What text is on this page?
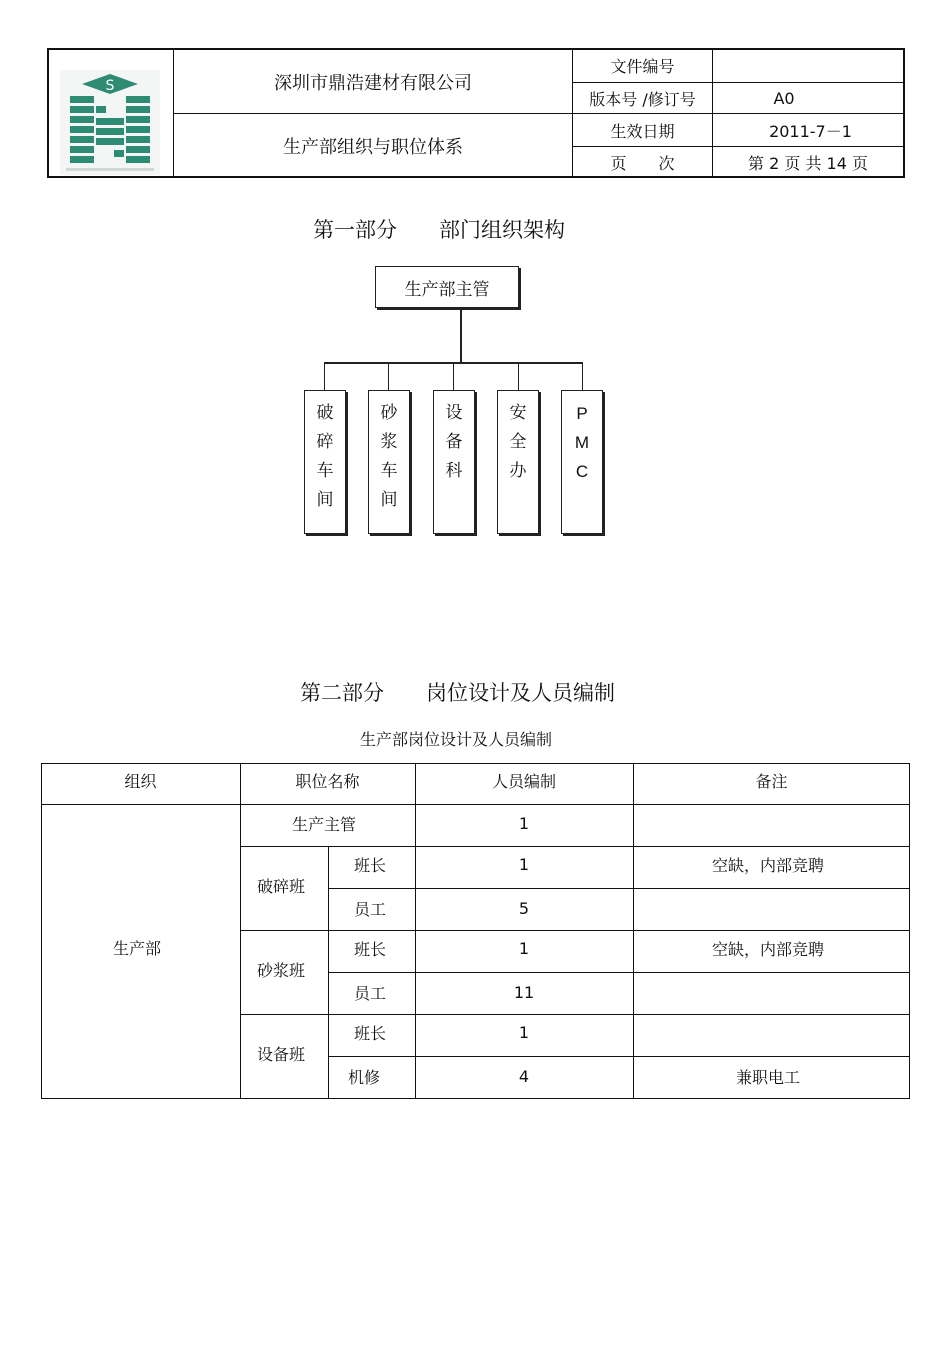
S	深圳市鼎浩建材有限公司
生产部组织与职位体系
文件编号
版本号 /修订号	A0
生效日期	2011-7－1
页　　次	第 2 页 共 14 页
第一部分　　部门组织架构
生产部主管
破
碎
车
间
砂
浆
车
间
设
备
科
安
全
办
P
M
C
第二部分　　岗位设计及人员编制
生产部岗位设计及人员编制
组织	职位名称	人员编制	备注
生产部
生产主管	1
破碎班
班长	1	空缺，内部竞聘
员工	5
砂浆班
班长	1	空缺，内部竞聘
员工	11
设备班
班长	1
机修	4	兼职电工
